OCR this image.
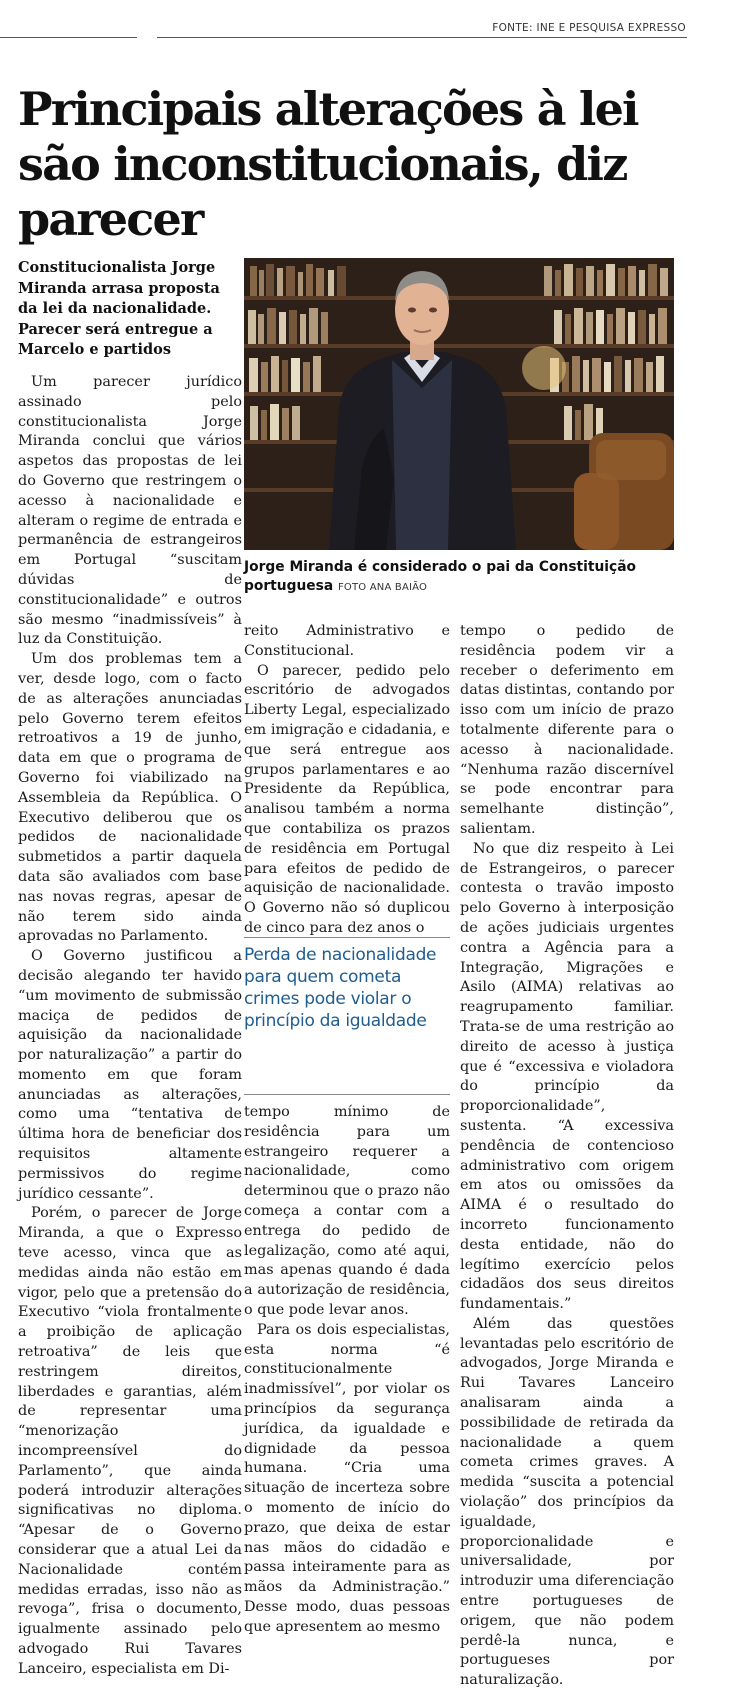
FONTE: INE E PESQUISA EXPRESSO
Principais alterações à lei são inconstitucionais, diz parecer
Constitucionalista Jorge Miranda arrasa proposta da lei da nacionalidade. Parecer será entregue a Marcelo e partidos
Jorge Miranda é considerado o pai da Constituição portuguesa FOTO ANA BAIÃO

Um parecer jurídico assinado pelo constitucionalista Jorge Miranda conclui que vários aspetos das propostas de lei do Governo que restringem o acesso à nacionalidade e alteram o regime de entrada e permanência de estrangeiros em Portugal “suscitam dúvidas de constitucionalidade” e outros são mesmo “inadmissíveis” à luz da Constituição.

Um dos problemas tem a ver, desde logo, com o facto de as alterações anunciadas pelo Governo terem efeitos retroativos a 19 de junho, data em que o programa de Governo foi viabilizado na Assembleia da República. O Executivo deliberou que os pedidos de nacionalidade submetidos a partir daquela data são avaliados com base nas novas regras, apesar de não terem sido ainda aprovadas no Parlamento.

O Governo justificou a decisão alegando ter havido “um movimento de submissão maciça de pedidos de aquisição da nacionalidade por naturalização” a partir do momento em que foram anunciadas as alterações, como uma “tentativa de última hora de beneficiar dos requisitos altamente permissivos do regime jurídico cessante”.

Porém, o parecer de Jorge Miranda, a que o Expresso teve acesso, vinca que as medidas ainda não estão em vigor, pelo que a pretensão do Executivo “viola frontalmente a proibição de aplicação retroativa” de leis que restringem direitos, liberdades e garantias, além de representar uma “menorização incompreensível do Parlamento”, que ainda poderá introduzir alterações significativas no diploma. “Apesar de o Governo considerar que a atual Lei da Nacionalidade contém medidas erradas, isso não as revoga”, frisa o documento, igualmente assinado pelo advogado Rui Tavares Lanceiro, especialista em Di-

reito Administrativo e Constitucional.

O parecer, pedido pelo escritório de advogados Liberty Legal, especializado em imigração e cidadania, e que será entregue aos grupos parlamentares e ao Presidente da República, analisou também a norma que contabiliza os prazos de residência em Portugal para efeitos de pedido de aquisição de nacionalidade. O Governo não só duplicou de cinco para dez anos o

Perda de nacionalidade para quem cometa crimes pode violar o princípio da igualdade

tempo mínimo de residência para um estrangeiro requerer a nacionalidade, como determinou que o prazo não começa a contar com a entrega do pedido de legalização, como até aqui, mas apenas quando é dada a autorização de residência, o que pode levar anos.

Para os dois especialistas, esta norma “é constitucionalmente inadmissível”, por violar os princípios da segurança jurídica, da igualdade e dignidade da pessoa humana. “Cria uma situação de incerteza sobre o momento de início do prazo, que deixa de estar nas mãos do cidadão e passa inteiramente para as mãos da Administração.” Desse modo, duas pessoas que apresentem ao mesmo

tempo o pedido de residência podem vir a receber o deferimento em datas distintas, contando por isso com um início de prazo totalmente diferente para o acesso à nacionalidade. “Nenhuma razão discernível se pode encontrar para semelhante distinção”, salientam.

No que diz respeito à Lei de Estrangeiros, o parecer contesta o travão imposto pelo Governo à interposição de ações judiciais urgentes contra a Agência para a Integração, Migrações e Asilo (AIMA) relativas ao reagrupamento familiar. Trata-se de uma restrição ao direito de acesso à justiça que é “excessiva e violadora do princípio da proporcionalidade”, sustenta. “A excessiva pendência de contencioso administrativo com origem em atos ou omissões da AIMA é o resultado do incorreto funcionamento desta entidade, não do legítimo exercício pelos cidadãos dos seus direitos fundamentais.”

Além das questões levantadas pelo escritório de advogados, Jorge Miranda e Rui Tavares Lanceiro analisaram ainda a possibilidade de retirada da nacionalidade a quem cometa crimes graves. A medida “suscita a potencial violação” dos princípios da igualdade, proporcionalidade e universalidade, por introduzir uma diferenciação entre portugueses de origem, que não podem perdê-la nunca, e portugueses por naturalização.
